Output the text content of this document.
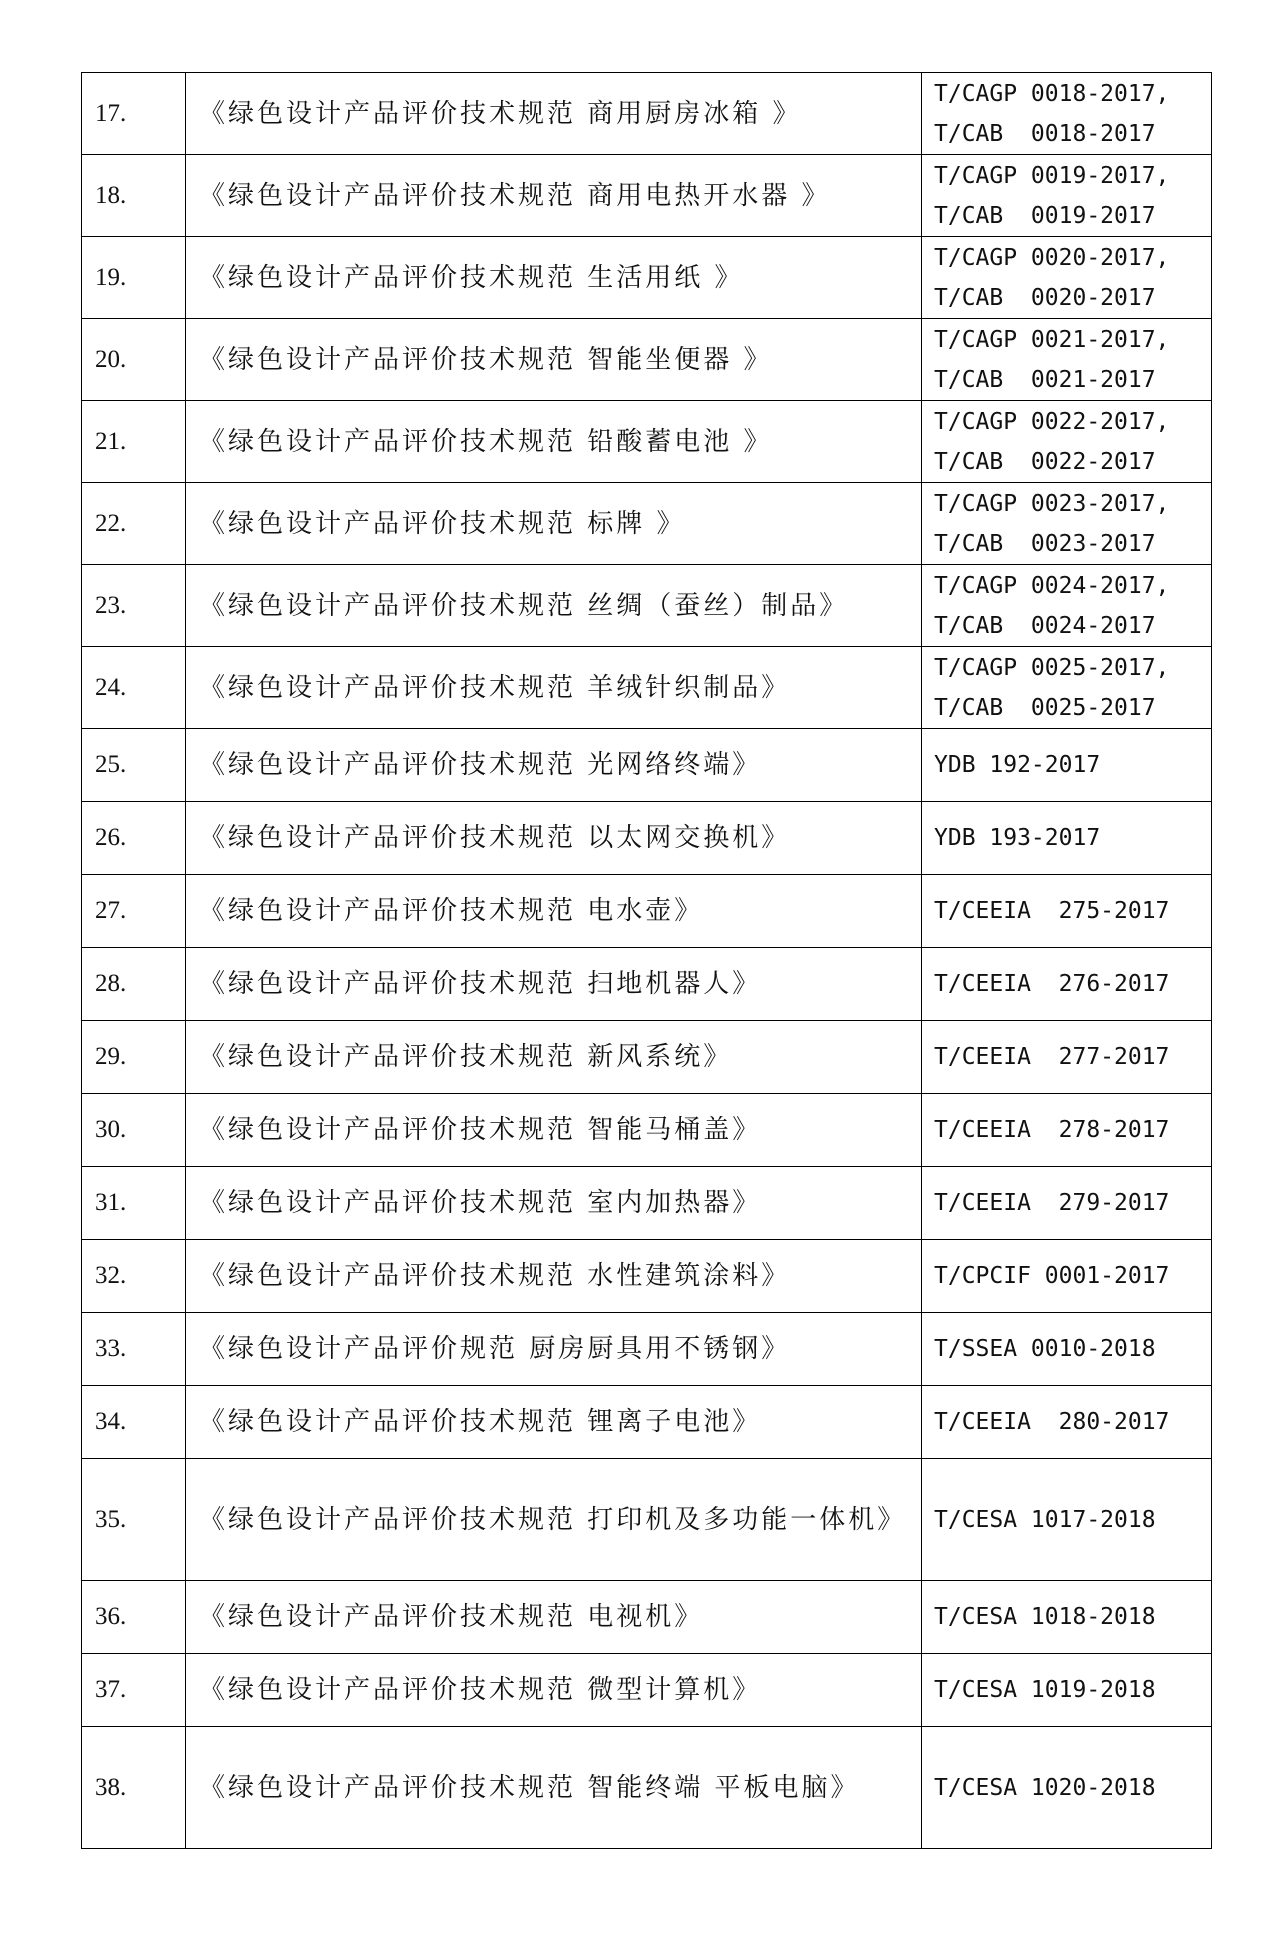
17.	《绿色设计产品评价技术规范 商用厨房冰箱 》	T/CAGP 0018-2017,
T/CAB  0018-2017

18.	《绿色设计产品评价技术规范 商用电热开水器 》	T/CAGP 0019-2017,
T/CAB  0019-2017

19.	《绿色设计产品评价技术规范 生活用纸 》	T/CAGP 0020-2017,
T/CAB  0020-2017

20.	《绿色设计产品评价技术规范 智能坐便器 》	T/CAGP 0021-2017,
T/CAB  0021-2017

21.	《绿色设计产品评价技术规范 铅酸蓄电池 》	T/CAGP 0022-2017,
T/CAB  0022-2017

22.	《绿色设计产品评价技术规范 标牌 》	T/CAGP 0023-2017,
T/CAB  0023-2017

23.	《绿色设计产品评价技术规范 丝绸（蚕丝）制品》	T/CAGP 0024-2017,
T/CAB  0024-2017

24.	《绿色设计产品评价技术规范 羊绒针织制品》	T/CAGP 0025-2017,
T/CAB  0025-2017

25.	《绿色设计产品评价技术规范 光网络终端》	YDB 192-2017

26.	《绿色设计产品评价技术规范 以太网交换机》	YDB 193-2017

27.	《绿色设计产品评价技术规范 电水壶》	T/CEEIA  275-2017

28.	《绿色设计产品评价技术规范 扫地机器人》	T/CEEIA  276-2017

29.	《绿色设计产品评价技术规范 新风系统》	T/CEEIA  277-2017

30.	《绿色设计产品评价技术规范 智能马桶盖》	T/CEEIA  278-2017

31.	《绿色设计产品评价技术规范 室内加热器》	T/CEEIA  279-2017

32.	《绿色设计产品评价技术规范 水性建筑涂料》	T/CPCIF 0001-2017

33.	《绿色设计产品评价规范 厨房厨具用不锈钢》	T/SSEA 0010-2018

34.	《绿色设计产品评价技术规范 锂离子电池》	T/CEEIA  280-2017

35.	《绿色设计产品评价技术规范 打印机及多功能一体机》	T/CESA 1017-2018

36.	《绿色设计产品评价技术规范 电视机》	T/CESA 1018-2018

37.	《绿色设计产品评价技术规范 微型计算机》	T/CESA 1019-2018

38.	《绿色设计产品评价技术规范 智能终端 平板电脑》	T/CESA 1020-2018
